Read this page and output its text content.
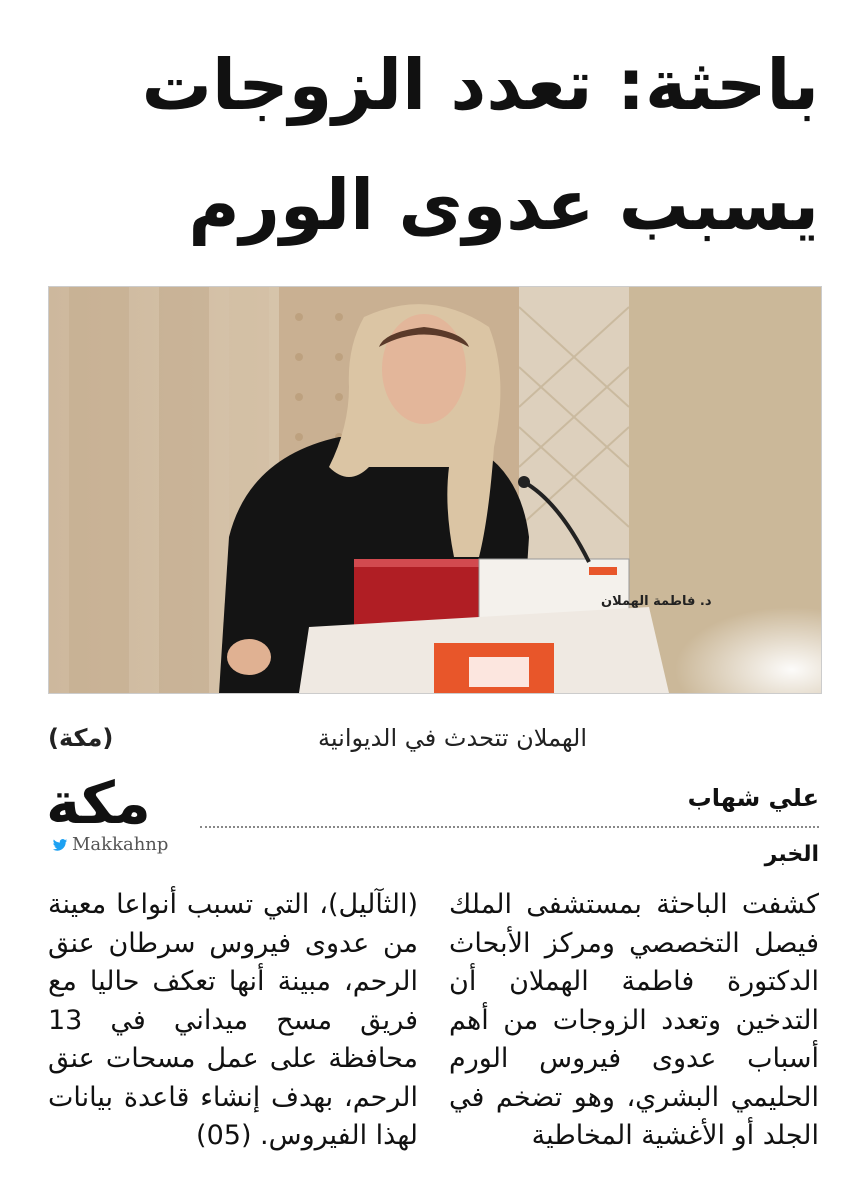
باحثة: تعدد الزوجات
يسبب عدوى الورم
الهملان تتحدث في الديوانية
(مكة)
مكة
Makkahnp
علي شهاب
الخبر

كشفت الباحثة بمستشفى الملك فيصل التخصصي ومركز الأبحاث الدكتورة فاطمة الهملان أن التدخين وتعدد الزوجات من أهم أسباب عدوى فيروس الورم الحليمي البشري، وهو تضخم في الجلد أو الأغشية المخاطية

(الثآليل)، التي تسبب أنواعا معينة من عدوى فيروس سرطان عنق الرحم، مبينة أنها تعكف حاليا مع فريق مسح ميداني في 13 محافظة على عمل مسحات عنق الرحم، بهدف إنشاء قاعدة بيانات لهذا الفيروس. (05)
